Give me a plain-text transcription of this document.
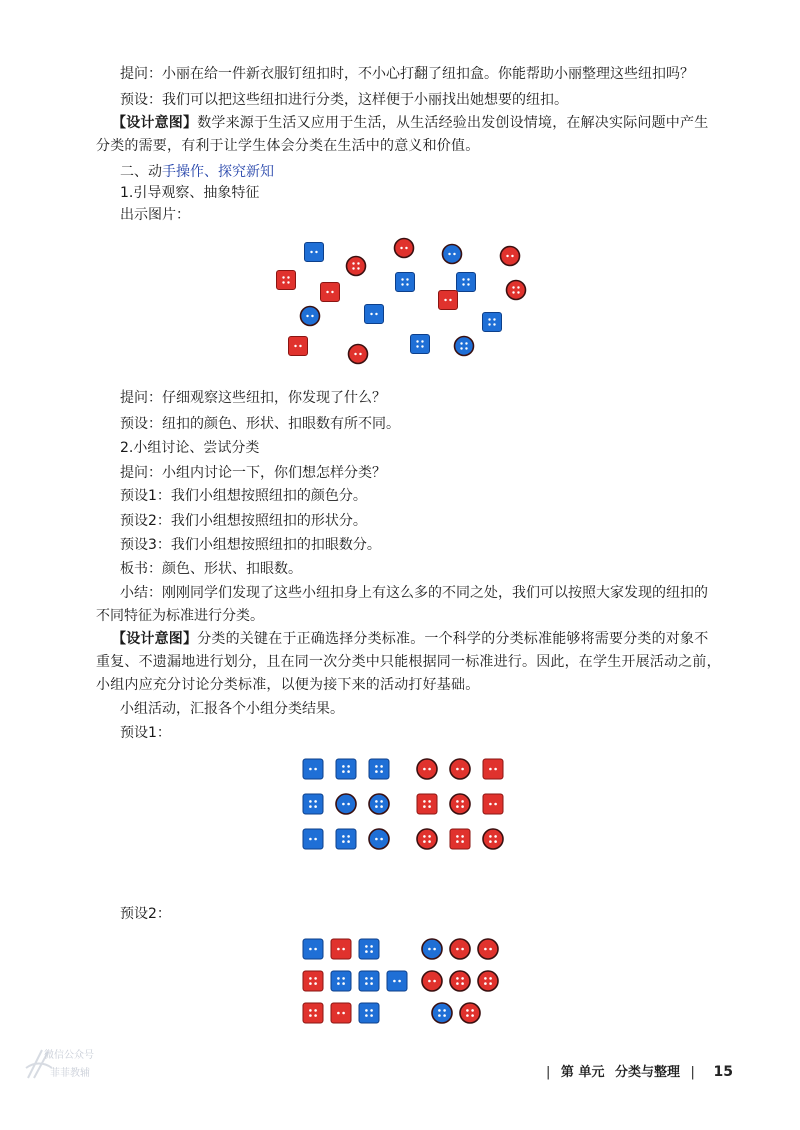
提问：小丽在给一件新衣服钉纽扣时，不小心打翻了纽扣盒。你能帮助小丽整理这些纽扣吗？
预设：我们可以把这些纽扣进行分类，这样便于小丽找出她想要的纽扣。
【设计意图】数学来源于生活又应用于生活，从生活经验出发创设情境，在解决实际问题中产生
分类的需要，有利于让学生体会分类在生活中的意义和价值。
二、动手操作、探究新知
1.引导观察、抽象特征
出示图片：
提问：仔细观察这些纽扣，你发现了什么？
预设：纽扣的颜色、形状、扣眼数有所不同。
2.小组讨论、尝试分类
提问：小组内讨论一下，你们想怎样分类？
预设1：我们小组想按照纽扣的颜色分。
预设2：我们小组想按照纽扣的形状分。
预设3：我们小组想按照纽扣的扣眼数分。
板书：颜色、形状、扣眼数。
小结：刚刚同学们发现了这些小纽扣身上有这么多的不同之处，我们可以按照大家发现的纽扣的
不同特征为标准进行分类。
【设计意图】分类的关键在于正确选择分类标准。一个科学的分类标准能够将需要分类的对象不
重复、不遗漏地进行划分，且在同一次分类中只能根据同一标准进行。因此，在学生开展活动之前，
小组内应充分讨论分类标准，以便为接下来的活动打好基础。
小组活动，汇报各个小组分类结果。
预设1：
预设2：
微信公众号
菲菲教辅	| 第 单元 分类与整理 | 15
